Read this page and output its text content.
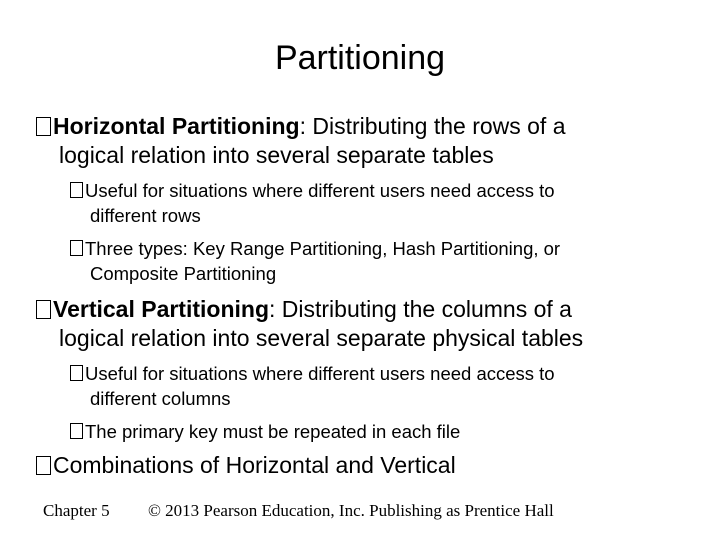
Partitioning
Horizontal Partitioning: Distributing the rows of a
logical relation into several separate tables
Useful for situations where different users need access to
different rows
Three types: Key Range Partitioning, Hash Partitioning, or
Composite Partitioning
Vertical Partitioning: Distributing the columns of a
logical relation into several separate physical tables
Useful for situations where different users need access to
different columns
The primary key must be repeated in each file
Combinations of Horizontal and Vertical
Chapter 5 © 2013 Pearson Education, Inc. Publishing as Prentice Hall
